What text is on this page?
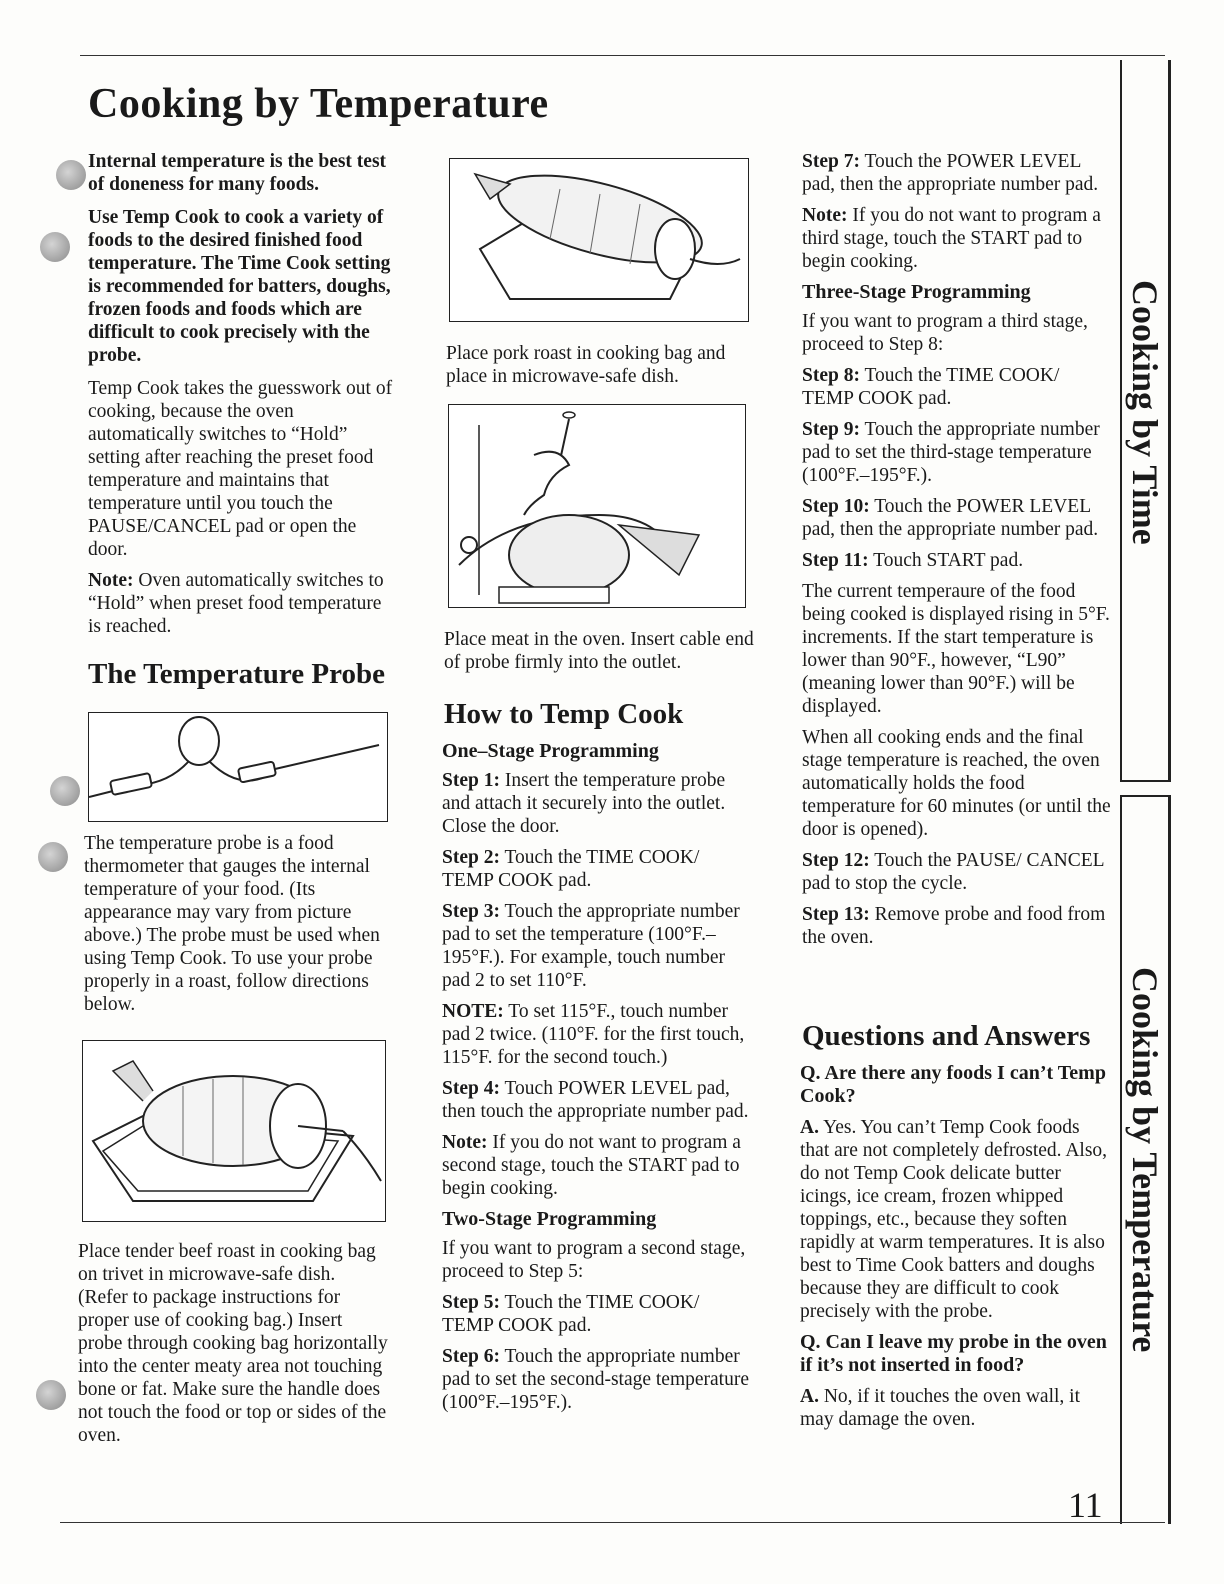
Cooking by Temperature

Internal temperature is the best test of doneness for many foods.

Use Temp Cook to cook a variety of foods to the desired finished food temperature. The Time Cook setting is recommended for batters, doughs, frozen foods and foods which are difficult to cook precisely with the probe.

Temp Cook takes the guesswork out of cooking, because the oven automatically switches to “Hold” setting after reaching the preset food temperature and maintains that temperature until you touch the PAUSE/CANCEL pad or open the door.

Note: Oven automatically switches to “Hold” when preset food temperature is reached.

The Temperature Probe

The temperature probe is a food thermometer that gauges the internal temperature of your food. (Its appearance may vary from picture above.) The probe must be used when using Temp Cook. To use your probe properly in a roast, follow directions below.

Place tender beef roast in cooking bag on trivet in microwave-safe dish. (Refer to package instructions for proper use of cooking bag.) Insert probe through cooking bag horizontally into the center meaty area not touching bone or fat. Make sure the handle does not touch the food or top or sides of the oven.

Place pork roast in cooking bag and place in microwave-safe dish.

Place meat in the oven. Insert cable end of probe firmly into the outlet.

How to Temp Cook
One–Stage Programming

Step 1: Insert the temperature probe and attach it securely into the outlet. Close the door.

Step 2: Touch the TIME COOK/ TEMP COOK pad.

Step 3: Touch the appropriate number pad to set the temperature (100°F.–195°F.). For example, touch number pad 2 to set 110°F.

NOTE: To set 115°F., touch number pad 2 twice. (110°F. for the first touch, 115°F. for the second touch.)

Step 4: Touch POWER LEVEL pad, then touch the appropriate number pad.

Note: If you do not want to program a second stage, touch the START pad to begin cooking.

Two-Stage Programming

If you want to program a second stage, proceed to Step 5:

Step 5: Touch the TIME COOK/ TEMP COOK pad.

Step 6: Touch the appropriate number pad to set the second-stage temperature (100°F.–195°F.).

Step 7: Touch the POWER LEVEL pad, then the appropriate number pad.

Note: If you do not want to program a third stage, touch the START pad to begin cooking.

Three-Stage Programming

If you want to program a third stage, proceed to Step 8:

Step 8: Touch the TIME COOK/ TEMP COOK pad.

Step 9: Touch the appropriate number pad to set the third-stage temperature (100°F.–195°F.).

Step 10: Touch the POWER LEVEL pad, then the appropriate number pad.

Step 11: Touch START pad.

The current temperaure of the food being cooked is displayed rising in 5°F. increments. If the start temperature is lower than 90°F., however, “L90” (meaning lower than 90°F.) will be displayed.

When all cooking ends and the final stage temperature is reached, the oven automatically holds the food temperature for 60 minutes (or until the door is opened).

Step 12: Touch the PAUSE/ CANCEL pad to stop the cycle.

Step 13: Remove probe and food from the oven.

Questions and Answers

Q. Are there any foods I can’t Temp Cook?

A. Yes. You can’t Temp Cook foods that are not completely defrosted. Also, do not Temp Cook delicate butter icings, ice cream, frozen whipped toppings, etc., because they soften rapidly at warm temperatures. It is also best to Time Cook batters and doughs because they are difficult to cook precisely with the probe.

Q. Can I leave my probe in the oven if it’s not inserted in food?

A. No, if it touches the oven wall, it may damage the oven.

Cooking by Time
Cooking by Temperature
11
